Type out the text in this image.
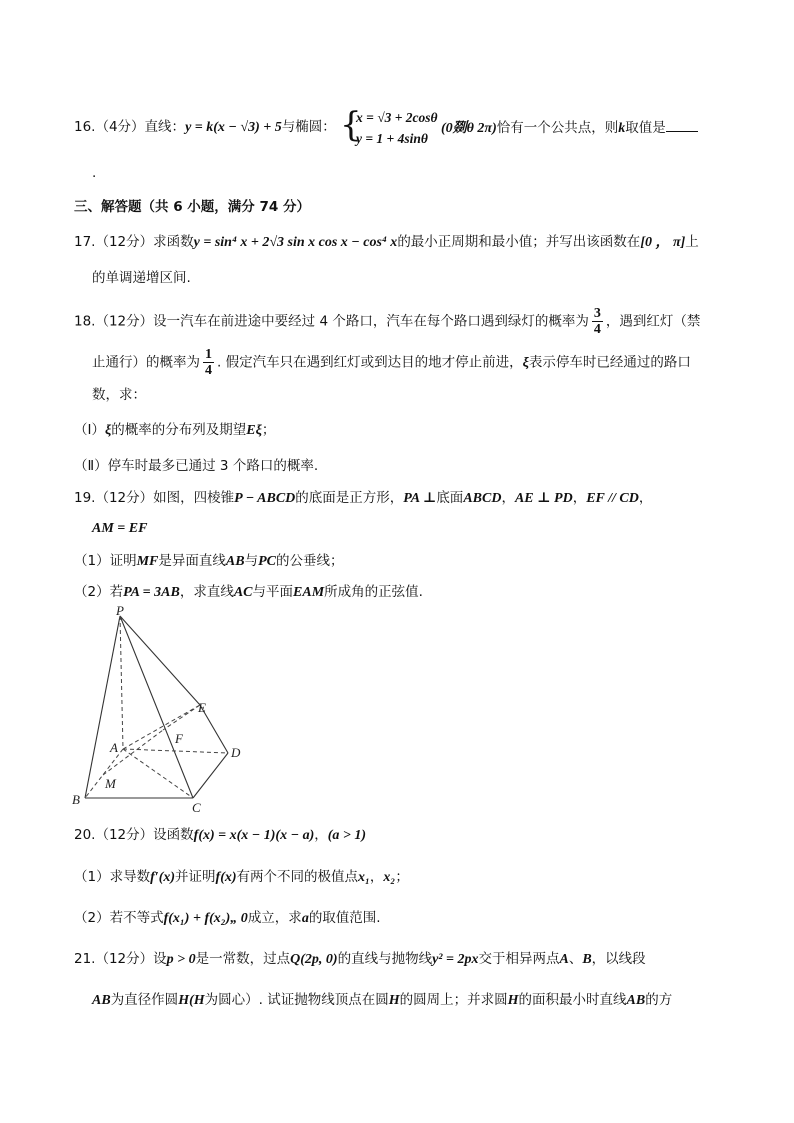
16.（4分）直线：y = k(x − √3) + 5与椭圆： {
x = √3 + 2cosθ
y = 1 + 4sinθ
(0剟θ 2π)恰有一个公共点，则k取值是
.
三、解答题（共 6 小题，满分 74 分）
17.（12分）求函数y = sin⁴ x + 2√3 sin x cos x − cos⁴ x的最小正周期和最小值；并写出该函数在[0 ， π]上
的单调递增区间.
18.（12分）设一汽车在前进途中要经过 4 个路口，汽车在每个路口遇到绿灯的概率为 $\frac{3}{4}$ ，遇到红灯（禁
止通行）的概率为 $\frac{1}{4}$ . 假定汽车只在遇到红灯或到达目的地才停止前进，ξ表示停车时已经通过的路口
数，求：
（Ⅰ）ξ的概率的分布列及期望Eξ；
（Ⅱ）停车时最多已通过 3 个路口的概率.
19.（12分）如图，四棱锥P − ABCD的底面是正方形，PA ⊥底面ABCD，AE ⊥ PD，EF // CD，
AM = EF
（1）证明MF是异面直线AB与PC的公垂线；
（2）若PA = 3AB，求直线AC与平面EAM所成角的正弦值.
P
E
F
A	D
M
B
C
20.（12分）设函数f(x) = x(x − 1)(x − a)，(a > 1)
（1）求导数f′(x)并证明f(x)有两个不同的极值点x₁，x₂；
（2）若不等式f(x₁) + f(x₂)„ 0成立，求a的取值范围.
21.（12分）设p > 0是一常数，过点Q(2p, 0)的直线与抛物线y² = 2px交于相异两点A、B，以线段
AB为直径作圆H(H为圆心）. 试证抛物线顶点在圆H的圆周上；并求圆H的面积最小时直线AB的方
